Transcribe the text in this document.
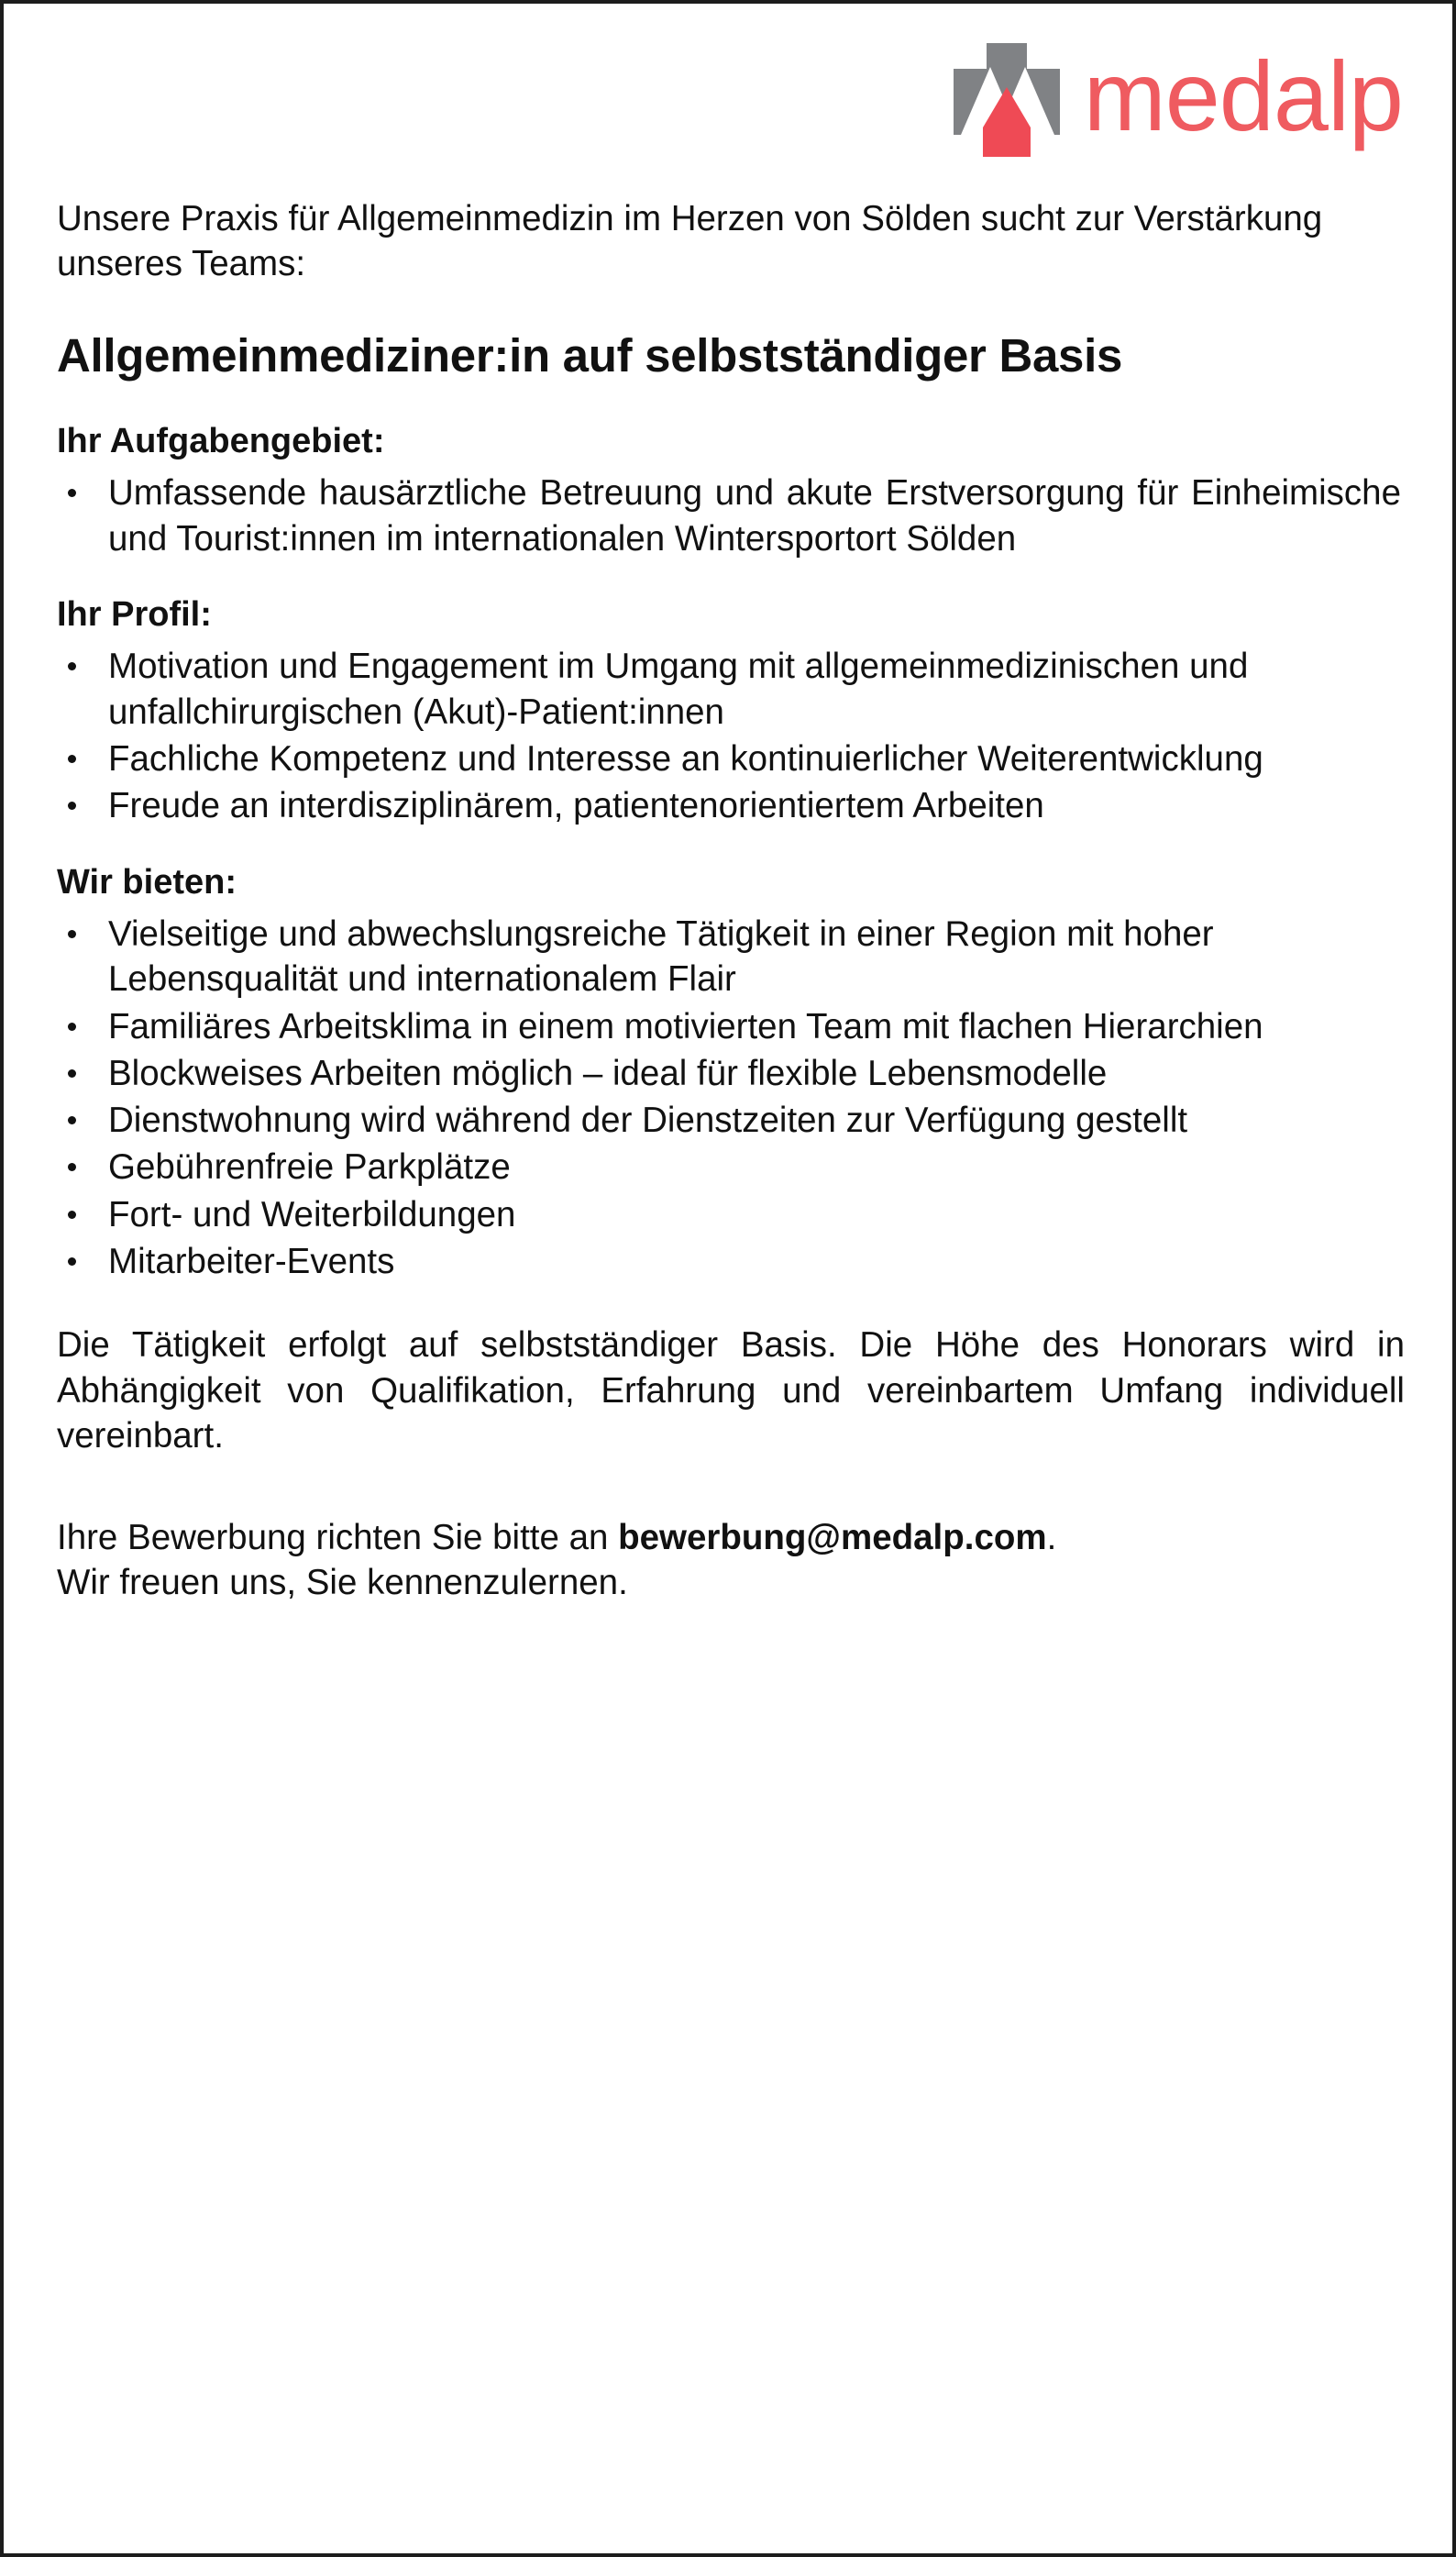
medalp

Unsere Praxis für Allgemeinmedizin im Herzen von Sölden sucht zur Verstärkung unseres Teams:

Allgemeinmediziner:in auf selbstständiger Basis
Ihr Aufgabengebiet:
Umfassende hausärztliche Betreuung und akute Erstversorgung für Einheimische und Tourist:innen im internationalen Wintersportort Sölden
Ihr Profil:
Motivation und Engagement im Umgang mit allgemeinmedizinischen und unfallchirurgischen (Akut)-Patient:innen
Fachliche Kompetenz und Interesse an kontinuierlicher Weiterentwicklung
Freude an interdisziplinärem, patientenorientiertem Arbeiten
Wir bieten:
Vielseitige und abwechslungsreiche Tätigkeit in einer Region mit hoher Lebensqualität und internationalem Flair
Familiäres Arbeitsklima in einem motivierten Team mit flachen Hierarchien
Blockweises Arbeiten möglich – ideal für flexible Lebensmodelle
Dienstwohnung wird während der Dienstzeiten zur Verfügung gestellt
Gebührenfreie Parkplätze
Fort- und Weiterbildungen
Mitarbeiter-Events

Die Tätigkeit erfolgt auf selbstständiger Basis. Die Höhe des Honorars wird in Abhängigkeit von Qualifikation, Erfahrung und vereinbartem Umfang individuell vereinbart.

Ihre Bewerbung richten Sie bitte an bewerbung@medalp.com.

Wir freuen uns, Sie kennenzulernen.
